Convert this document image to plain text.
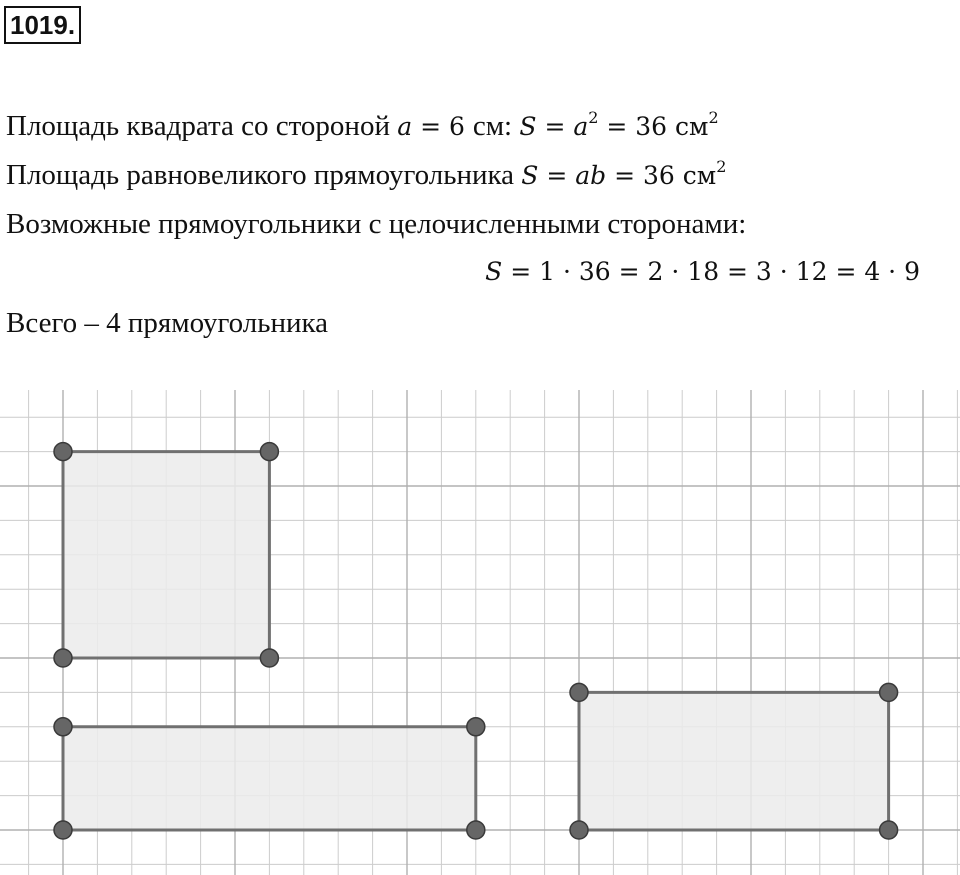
1019.
Площадь квадрата со стороной a = 6 см: $S = a^2 = 36$ $см^2$
Площадь равновеликого прямоугольника S = ab = 36 $см^2$
Возможные прямоугольники с целочисленными сторонами:
S = 1 · 36 = 2 · 18 = 3 · 12 = 4 · 9
Всего – 4 прямоугольника
